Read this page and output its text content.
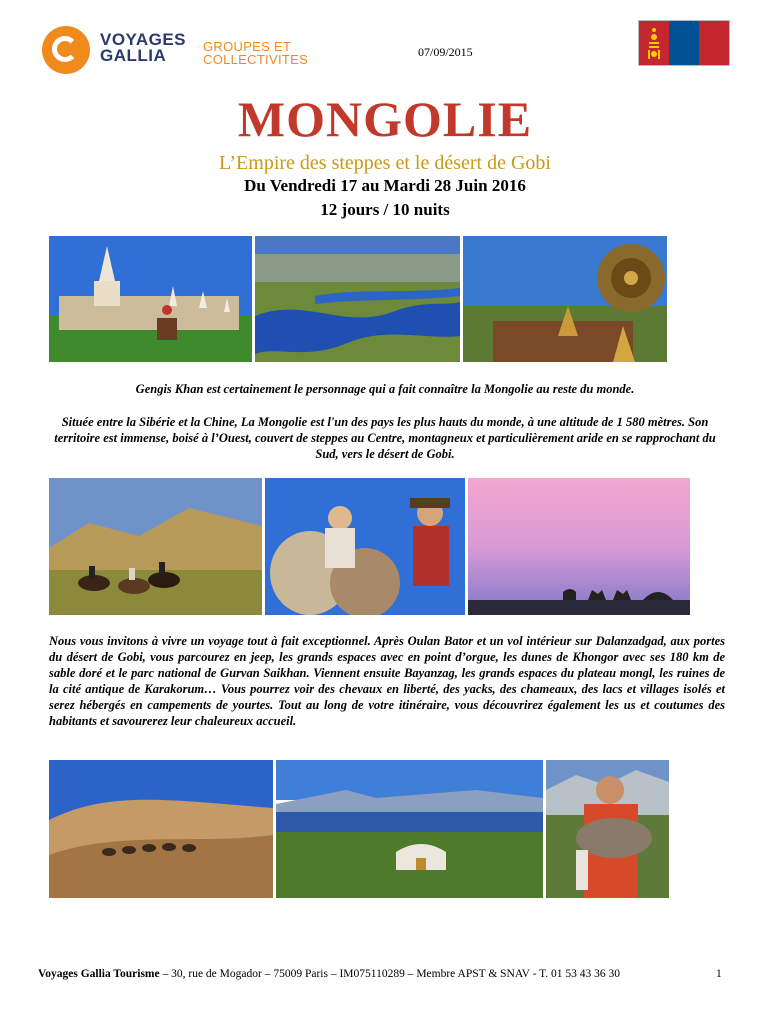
VOYAGES
GALLIA	GROUPES ET
COLLECTIVITES	07/09/2015
MONGOLIE
L’Empire des steppes et le désert de Gobi
Du Vendredi 17 au Mardi 28 Juin 2016
12 jours / 10 nuits
Gengis Khan est certainement le personnage qui a fait connaître la Mongolie au reste du monde.
Située entre la Sibérie et la Chine, La Mongolie est l'un des pays les plus hauts du monde, à une altitude de 1 580 mètres. Son territoire est immense, boisé à l’Ouest, couvert de steppes au Centre, montagneux et particulièrement aride en se rapprochant du Sud, vers le désert de Gobi.
Nous vous invitons à vivre un voyage tout à fait exceptionnel. Après Oulan Bator et un vol intérieur sur Dalanzadgad, aux portes du désert de Gobi, vous parcourez en jeep, les grands espaces avec en point d’orgue, les dunes de Khongor avec ses 180 km de sable doré et le parc national de Gurvan Saikhan. Viennent ensuite Bayanzag, les grands espaces du plateau mongl, les ruines de la cité antique de Karakorum… Vous pourrez voir des chevaux en liberté, des yacks, des chameaux, des lacs et villages isolés et serez hébergés en campements de yourtes. Tout au long de votre itinéraire, vous découvrirez également les us et coutumes des habitants et savourerez leur chaleureux accueil.
Voyages Gallia Tourisme – 30, rue de Mogador – 75009 Paris – IM075110289 – Membre APST & SNAV - T. 01 53 43 36 30	1
